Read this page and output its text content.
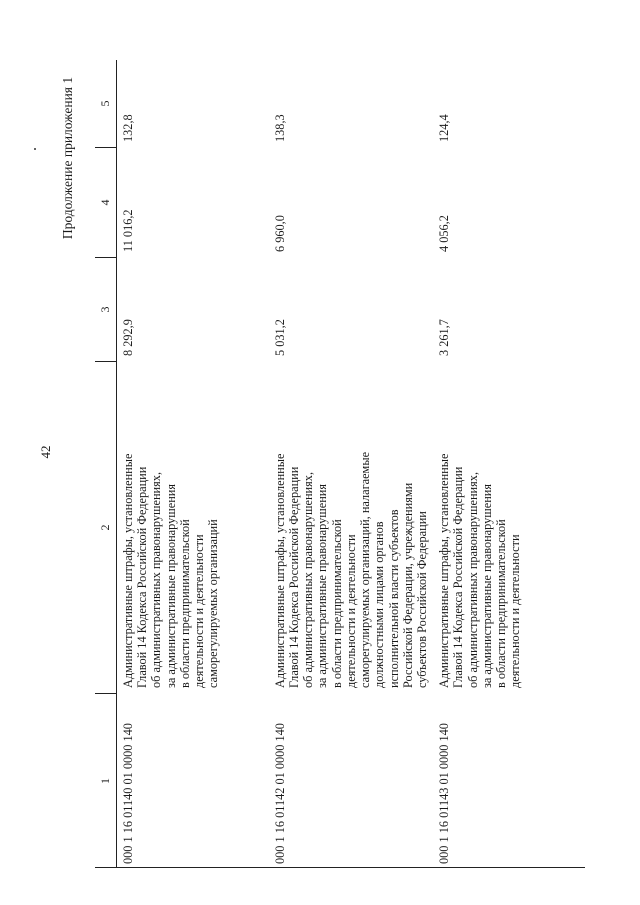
42
Продолжение приложения 1
1
2
3
4
5
000 1 16 01140 01 0000 140
Административные штрафы, установленные Главой 14 Кодекса Российской Федерации об административных правонарушениях, за административные правонарушения в области предпринимательской деятельности и деятельности саморегулируемых организаций
8 292,9
11 016,2
132,8
000 1 16 01142 01 0000 140
Административные штрафы, установленные Главой 14 Кодекса Российской Федерации об административных правонарушениях, за административные правонарушения в области предпринимательской деятельности и деятельности саморегулируемых организаций, налагаемые должностными лицами органов исполнительной власти субъектов Российской Федерации, учреждениями субъектов Российской Федерации
5 031,2
6 960,0
138,3
000 1 16 01143 01 0000 140
Административные штрафы, установленные Главой 14 Кодекса Российской Федерации об административных правонарушениях, за административные правонарушения в области предпринимательской деятельности и деятельности
3 261,7
4 056,2
124,4
